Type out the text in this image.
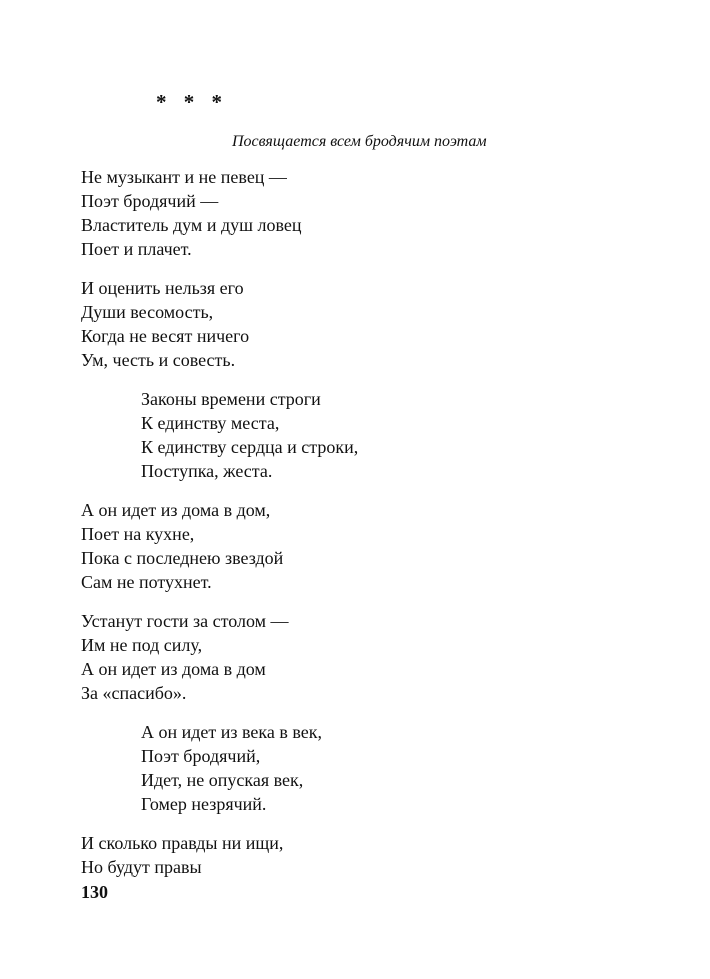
* * *
Посвящается всем бродячим поэтам
Не музыкант и не певец —
Поэт бродячий —
Властитель дум и душ ловец
Поет и плачет.
И оценить нельзя его
Души весомость,
Когда не весят ничего
Ум, честь и совесть.
Законы времени строги
К единству места,
К единству сердца и строки,
Поступка, жеста.
А он идет из дома в дом,
Поет на кухне,
Пока с последнею звездой
Сам не потухнет.
Устанут гости за столом —
Им не под силу,
А он идет из дома в дом
За «спасибо».
А он идет из века в век,
Поэт бродячий,
Идет, не опуская век,
Гомер незрячий.
И сколько правды ни ищи,
Но будут правы
130
